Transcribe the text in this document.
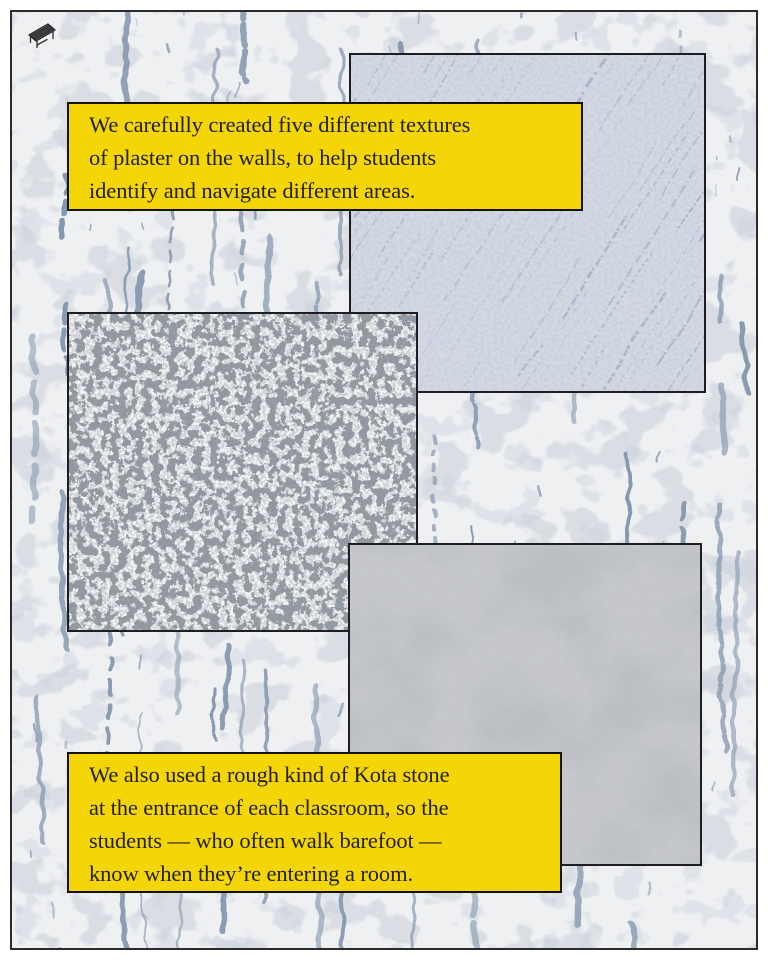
We carefully created five different textures

of plaster on the walls, to help students

identify and navigate different areas.

We also used a rough kind of Kota stone

at the entrance of each classroom, so the

students — who often walk barefoot —

know when they’re entering a room.
